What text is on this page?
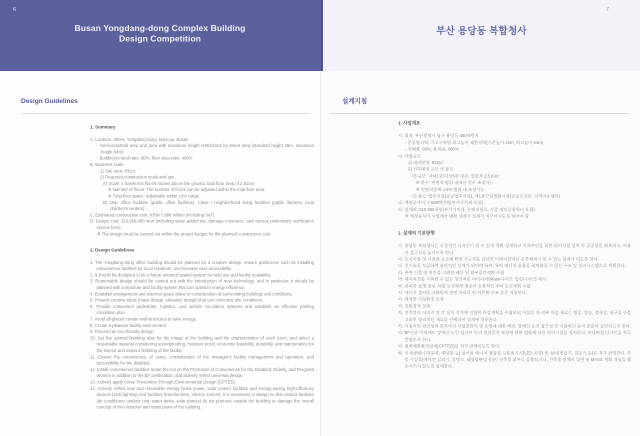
6	7
Busan Yongdang-dong Complex Building
Design Competition
부산 용당동 복합청사
Design Guidelines	설계지침
1. Summary
A. Location: 460-6, Yongdang-dong, Nam-gu, Busan
- Semi-industrial area and area with maximum height restrictions by street area (standard height 45m, maximum height 54m)
- Building-to-land ratio: 60%, floor area ratio: 400%
B. Business scale
1) Site area: 832㎡
2) Projected construction scale and use
A) Scale: 1 basement floor/5 stories above the ground, total floor area of 2,510㎡
※ Number of floors: The number of floors can be adjusted within the total floor area.
※ Total floor space: adjustable within ±3% range
B) Use: office facilities (public office facilities), Class I neighborhood living facilities (public libraries, local children's centers)
C. Estimated construction cost: KRW 7,688 million (including VAT)
D. Design cost: 310,958,000 won (including value-added tax, damage insurance, and various preliminary certification service fees)
※ The design must be carried out within the project budget for the planned construction cost.
2. Design Guidelines
1. The Yongdang-dong office building should be planned for a creative design, ensure publicness such as installing convenience facilities for local residents, and increase user accessibility.
2. It should be designed to be a future-oriented spatial system for land use and facility scalability.
3. Reasonable design should be carried out with the introduction of new technology, and in particular, it should be planned with a structure and facility system that can optimize energy efficiency.
4. Establish arrangement and external space plans in consideration of surrounding buildings and conditions.
5. Present creative ideas (mass design, elevation design) that can overcome site conditions.
6. Provide convenient pedestrian, logistics, and vehicle circulation systems and establish an effective parking circulation plan.
7. Avoid all-glazed curtain wall structures to save energy.
8. Create a pleasant facility environment.
9. Proceed an eco-friendly design.
10. Set the optimal finishing plan for the image of the building and the characteristics of each room, and select a reasonable material considering soundproofing, moisture proof, economic feasibility, durability, and maintenance for the interior and exterior finishing of the facility.
11. Ensure the convenience of users, consideration of the manager's facility management and operation, and accessibility for the disabled.
12. Install convenience facilities under the Act on the Promotion of Convenience for the Disabled, Elderly, and Pregnant Women in addition to the BF certification, and actively reflect universal design.
13. Actively apply Crime Prevention Through Environmental Design (CPTED).
14. Actively reflect new and renewable energy (wind power, solar power) facilities and energy-saving high-efficiency devices (LED lighting) and facilities (transformers, electric motors). It is necessary to design so that various facilities (air conditioner outdoor unit, water tanks, solar panels) do not protrude outside the building or damage the overall concept of the elevation and mass plans of the building.
1. 사업개요
가. 위치: 부산광역시 남구 용당동 460-6번지
- 준공업지역, 가로구역별 최고높이 제한지역(기준높이 45m, 최고높이 54m)
- 건폐율: 60%, 용적률: 400%
나. 사업규모
1) 대지면적: 832㎡
2) 건축예정 규모 및 용도
가) 규모: 지하1층/지상5층 내외, 연면적 2,510㎡
※ 층수: 연면적 범위 내에서 층수 조정가능
※ 연면적합계: ±3% 범위 내 조정가능
나) 용도: 업무시설(공공업무시설), 제1종근린생활시설(공공도서관, 지역아동센터)
다. 예정공사비: 7,688백만원(부가가치세 포함)
라. 설계비: 310,958천원(부가가치세, 손해보험료, 각종 제인증용역비 포함)
※ 예정공사비 사업예산 범위 내에서 설계가 이루어지도록 하여야 함
2. 설계의 기본방향
가. 용당동 복합청사는 독창적인 디자인이 될 수 있게 계획·설계하고 지역주민을 위한 편의시설 설치 등 공공성을 확보하고, 이용자 접근성을 높이도록 한다.
나. 토지이용 및 시설물 규모에 확장 가능성을 감안한 미래지향적인 공간체계가 될 수 있는 설계가 되도록 한다.
다. 신기술을 도입하여 합리적인 설계가 되어야 하며, 특히 에너지 효율을 최적화할 수 있는 구조 및 설비시스템으로 계획한다.
라. 주변 건물 및 여건을 고려한 배치 및 외부공간계획 수립
마. 대지여건을 극복할 수 있는 창의적인 아이디어(Mass디자인, 입면디자인) 제시
바. 편리한 보행·물류·차량 동선체계 제공과 효율적인 주차 동선계획 수립
사. 에너지 절약을 고려하여 전면 유리로 된 커튼월 구조 등은 지양한다.
아. 쾌적한 시설환경 조성
자. 친환경적 설계
차. 건축물의 이미지 및 각 실의 성격에 적합한 마감계획을 수립하되 시설물 내·외부 마감 재료는 방음, 방습, 경제성, 내구성 등을 고려한 합리적인 재료를 선택하여 설계에 적용한다.
카. 이용자의 편의성과 관리자의 시설물관리 및 운영에 대한 배려, 장애인 등의 접근성 및 이용편의 등이 충분히 감안되도록 한다.
타. BF인증 이외에도 장애인·노인·임산부 등의 편의증진 보장에 관한 법률에 따른 편의시설을 설치하고, 유니버설 디자인을 적극 반영토록 한다.
파. 범죄예방환경설계(CPTED)를 적극 반영하도록 한다.
하. 신재생에너지(풍력, 태양광 등) 설비와 에너지 절감형 고효율기기(LED 조명) 및 설비(변압기, 전동기 등)를 적극 반영한다. 각종 시설물(에어컨 실외기, 물탱크, 태양광판넬 등)이 건축물 외부로 돌출되거나, 건축물 전체의 입면 및 MASS 계획 개념을 훼손시키지 않도록 설계한다.
